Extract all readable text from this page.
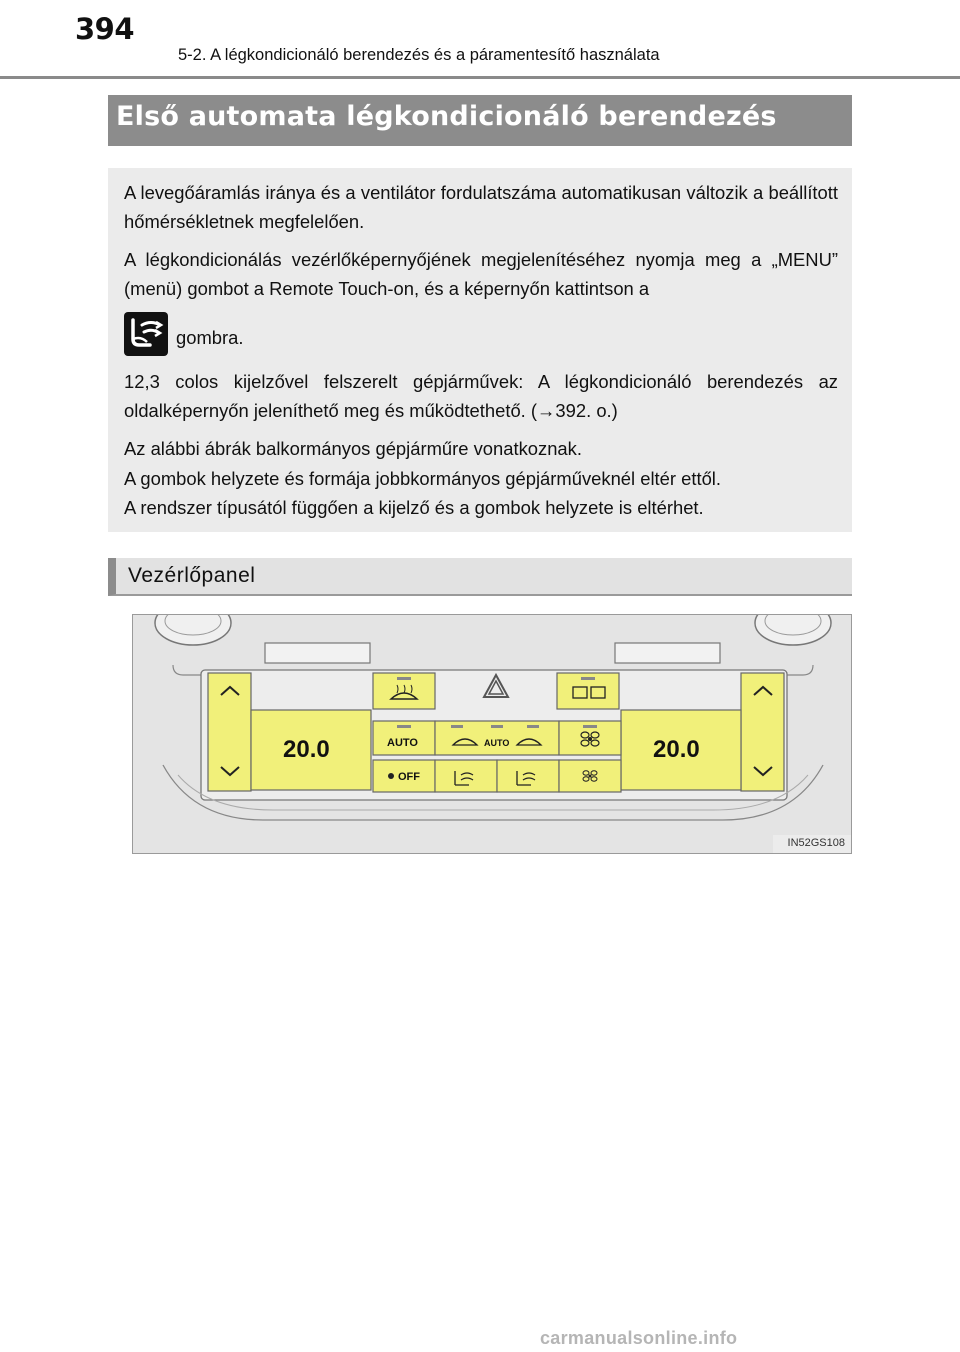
394
5-2. A légkondicionáló berendezés és a páramentesítő használata
Első automata légkondicionáló berendezés

A levegőáramlás iránya és a ventilátor fordulatszáma automatikusan változik a beállított hőmérsékletnek megfelelően.

A légkondicionálás vezérlőképernyőjének megjelenítéséhez nyomja meg a „MENU” (menü) gombot a Remote Touch-on, és a képernyőn kattintson a

gombra.

12,3 colos kijelzővel felszerelt gépjárművek: A légkondicionáló berendezés az oldalképernyőn jeleníthető meg és működtethető. (→392. o.)

Az alábbi ábrák balkormányos gépjárműre vonatkoznak.

A gombok helyzete és formája jobbkormányos gépjárműveknél eltér ettől.

A rendszer típusától függően a kijelző és a gombok helyzete is eltérhet.

Vezérlőpanel
20.0	20.0
AUTO	AUTO
OFF
IN52GS108
carmanualsonline.info
